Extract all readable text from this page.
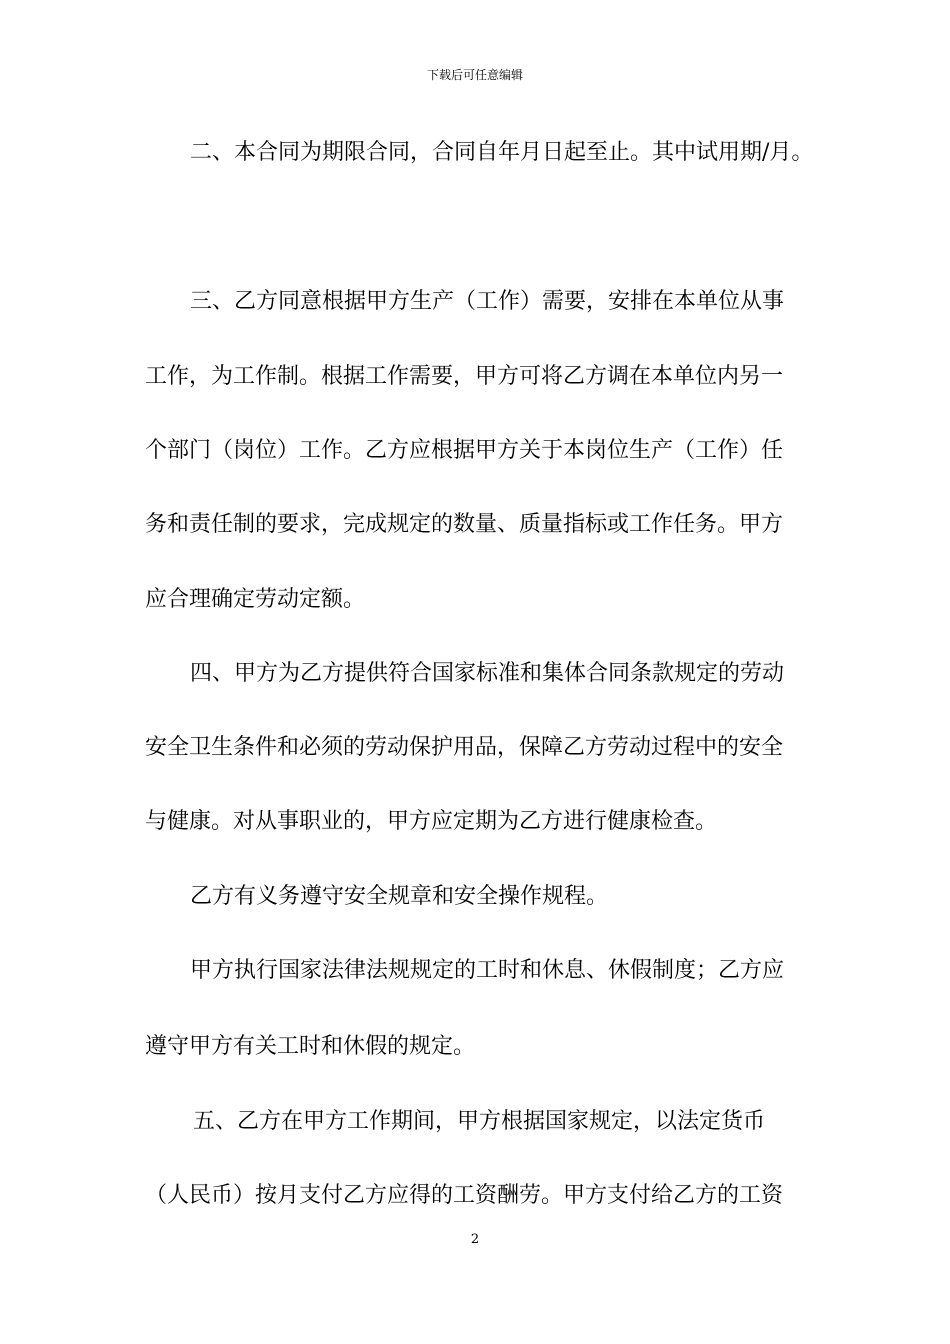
下载后可任意编辑
二、本合同为期限合同，合同自年月日起至止。其中试用期/月。
三、乙方同意根据甲方生产（工作）需要，安排在本单位从事
工作，为工作制。根据工作需要，甲方可将乙方调在本单位内另一
个部门（岗位）工作。乙方应根据甲方关于本岗位生产（工作）任
务和责任制的要求，完成规定的数量、质量指标或工作任务。甲方
应合理确定劳动定额。
四、甲方为乙方提供符合国家标准和集体合同条款规定的劳动
安全卫生条件和必须的劳动保护用品，保障乙方劳动过程中的安全
与健康。对从事职业的，甲方应定期为乙方进行健康检查。
乙方有义务遵守安全规章和安全操作规程。
甲方执行国家法律法规规定的工时和休息、休假制度；乙方应
遵守甲方有关工时和休假的规定。
五、乙方在甲方工作期间，甲方根据国家规定，以法定货币
（人民币）按月支付乙方应得的工资酬劳。甲方支付给乙方的工资
2
